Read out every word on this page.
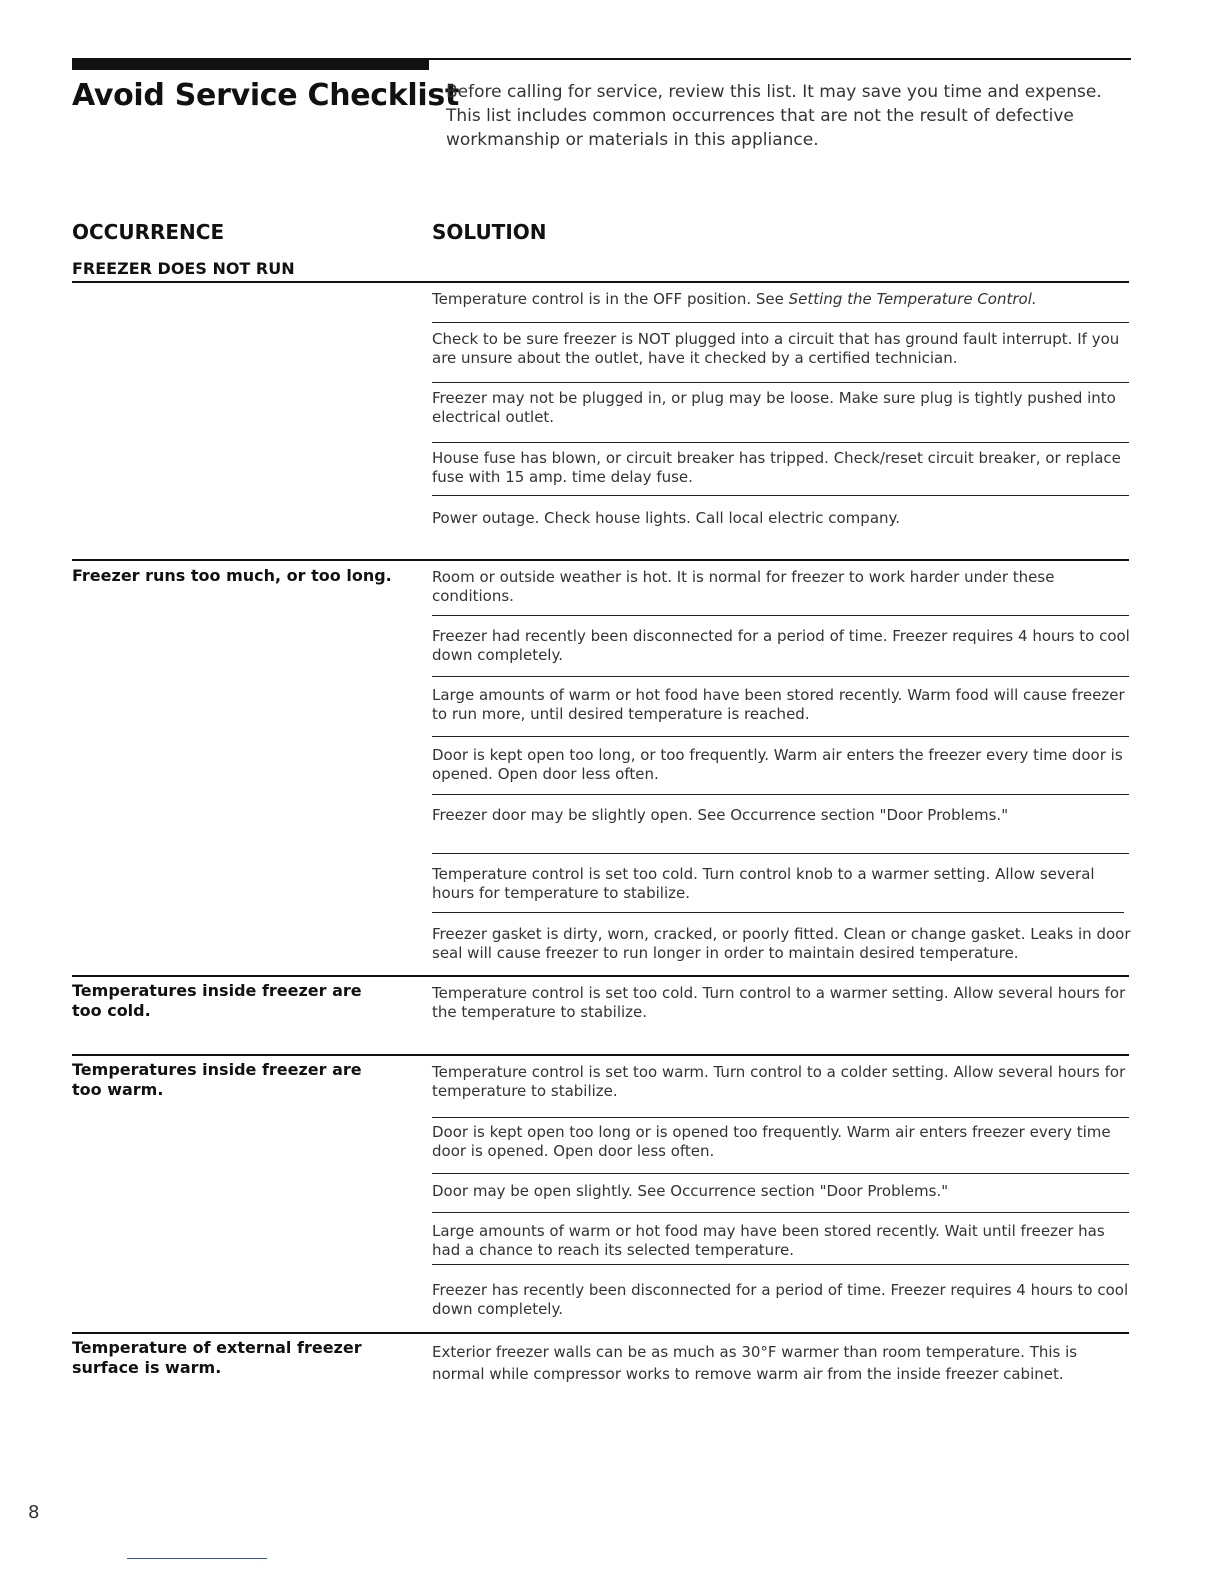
Avoid Service Checklist
Before calling for service, review this list. It may save you time and expense. This list includes common occurrences that are not the result of defective workmanship or materials in this appliance.
OCCURRENCE	SOLUTION
FREEZER DOES NOT RUN
Temperature control is in the OFF position. See Setting the Temperature Control.
Check to be sure freezer is NOT plugged into a circuit that has ground fault interrupt. If you are unsure about the outlet, have it checked by a certified technician.
Freezer may not be plugged in, or plug may be loose. Make sure plug is tightly pushed into electrical outlet.
House fuse has blown, or circuit breaker has tripped. Check/reset circuit breaker, or replace fuse with 15 amp. time delay fuse.
Power outage. Check house lights. Call local electric company.
Freezer runs too much, or too long.	Room or outside weather is hot. It is normal for freezer to work harder under these conditions.
Freezer had recently been disconnected for a period of time. Freezer requires 4 hours to cool down completely.
Large amounts of warm or hot food have been stored recently. Warm food will cause freezer to run more, until desired temperature is reached.
Door is kept open too long, or too frequently. Warm air enters the freezer every time door is opened. Open door less often.
Freezer door may be slightly open. See Occurrence section "Door Problems."
Temperature control is set too cold. Turn control knob to a warmer setting. Allow several hours for temperature to stabilize.
Freezer gasket is dirty, worn, cracked, or poorly fitted. Clean or change gasket. Leaks in door seal will cause freezer to run longer in order to maintain desired temperature.
Temperatures inside freezer are too cold.
Temperature control is set too cold. Turn control to a warmer setting. Allow several hours for the temperature to stabilize.
Temperatures inside freezer are too warm.
Temperature control is set too warm. Turn control to a colder setting. Allow several hours for temperature to stabilize.
Door is kept open too long or is opened too frequently. Warm air enters freezer every time door is opened. Open door less often.
Door may be open slightly. See Occurrence section "Door Problems."
Large amounts of warm or hot food may have been stored recently. Wait until freezer has had a chance to reach its selected temperature.
Freezer has recently been disconnected for a period of time. Freezer requires 4 hours to cool down completely.
Temperature of external freezer surface is warm.
Exterior freezer walls can be as much as 30°F warmer than room temperature. This is normal while compressor works to remove warm air from the inside freezer cabinet.
8
